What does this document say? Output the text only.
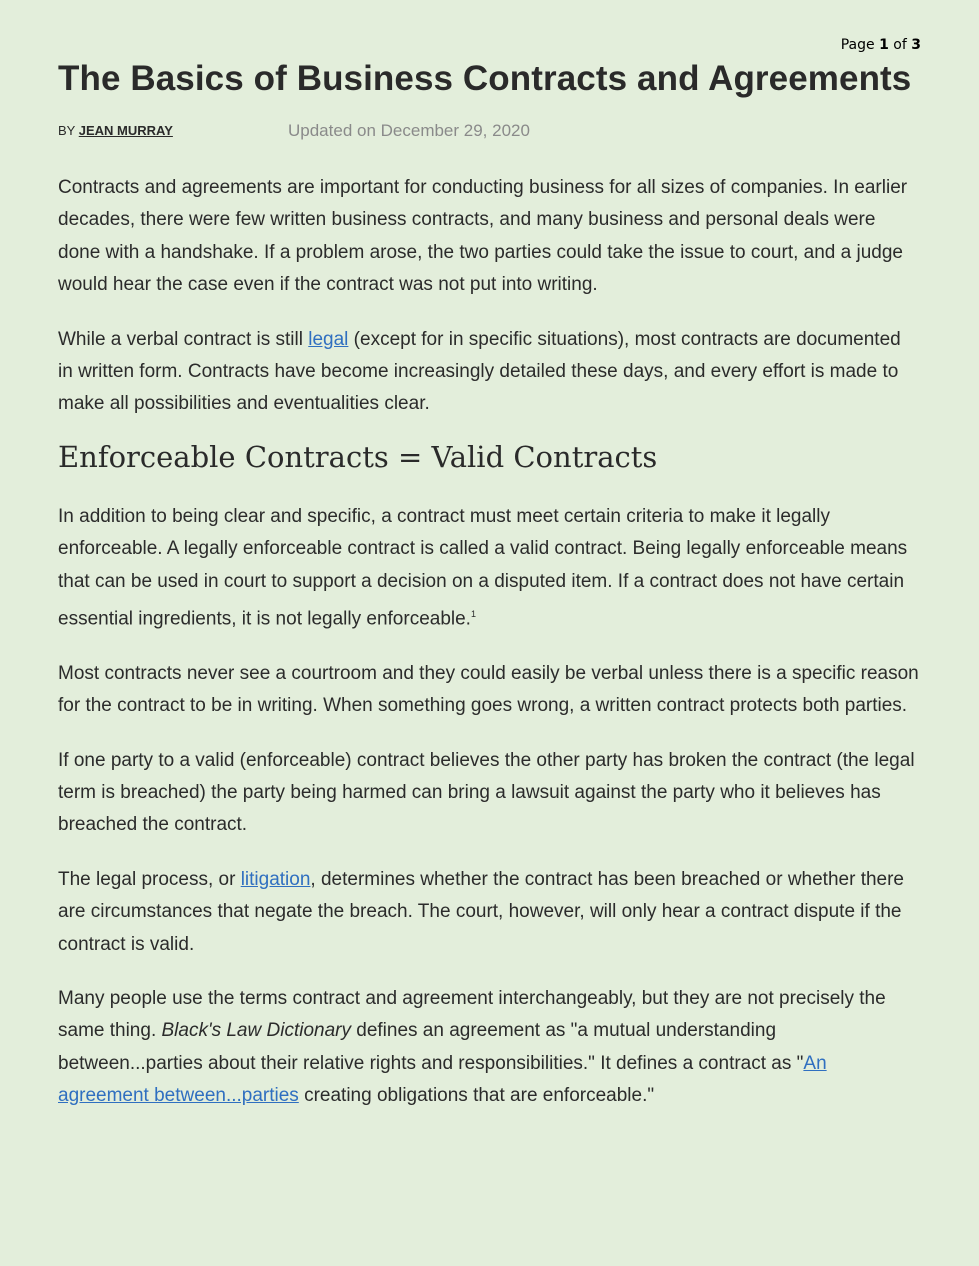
Page 1 of 3
The Basics of Business Contracts and Agreements
BY JEAN MURRAY	Updated on December 29, 2020

Contracts and agreements are important for conducting business for all sizes of companies. In earlier decades, there were few written business contracts, and many business and personal deals were done with a handshake. If a problem arose, the two parties could take the issue to court, and a judge would hear the case even if the contract was not put into writing.

While a verbal contract is still legal (except for in specific situations), most contracts are documented in written form. Contracts have become increasingly detailed these days, and every effort is made to make all possibilities and eventualities clear.

Enforceable Contracts = Valid Contracts

In addition to being clear and specific, a contract must meet certain criteria to make it legally enforceable. A legally enforceable contract is called a valid contract. Being legally enforceable means that can be used in court to support a decision on a disputed item. If a contract does not have certain essential ingredients, it is not legally enforceable.$^1$

Most contracts never see a courtroom and they could easily be verbal unless there is a specific reason for the contract to be in writing. When something goes wrong, a written contract protects both parties.

If one party to a valid (enforceable) contract believes the other party has broken the contract (the legal term is breached) the party being harmed can bring a lawsuit against the party who it believes has breached the contract.

The legal process, or litigation, determines whether the contract has been breached or whether there are circumstances that negate the breach. The court, however, will only hear a contract dispute if the contract is valid.

Many people use the terms contract and agreement interchangeably, but they are not precisely the same thing. Black's Law Dictionary defines an agreement as "a mutual understanding between...parties about their relative rights and responsibilities." It defines a contract as "An agreement between...parties creating obligations that are enforceable."
